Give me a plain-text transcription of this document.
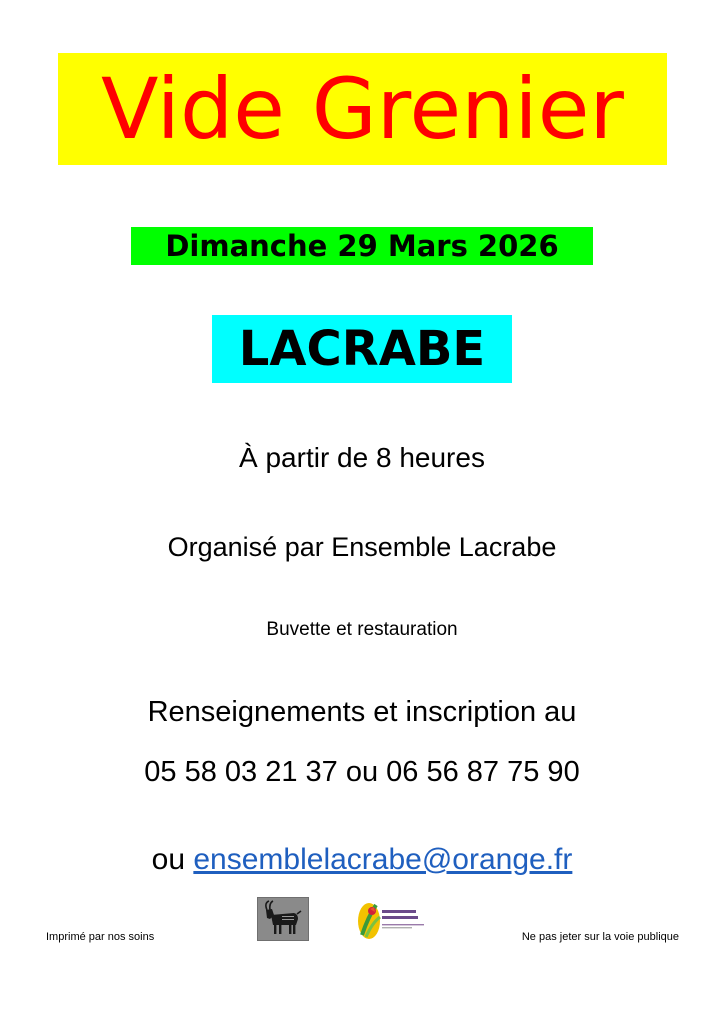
Vide Grenier
Dimanche 29 Mars 2026
LACRABE
À partir de 8 heures
Organisé par Ensemble Lacrabe
Buvette et restauration
Renseignements et inscription au
05 58 03 21 37 ou 06 56 87 75 90
ou ensemblelacrabe@orange.fr
Imprimé par nos soins	Ne pas jeter sur la voie publique
